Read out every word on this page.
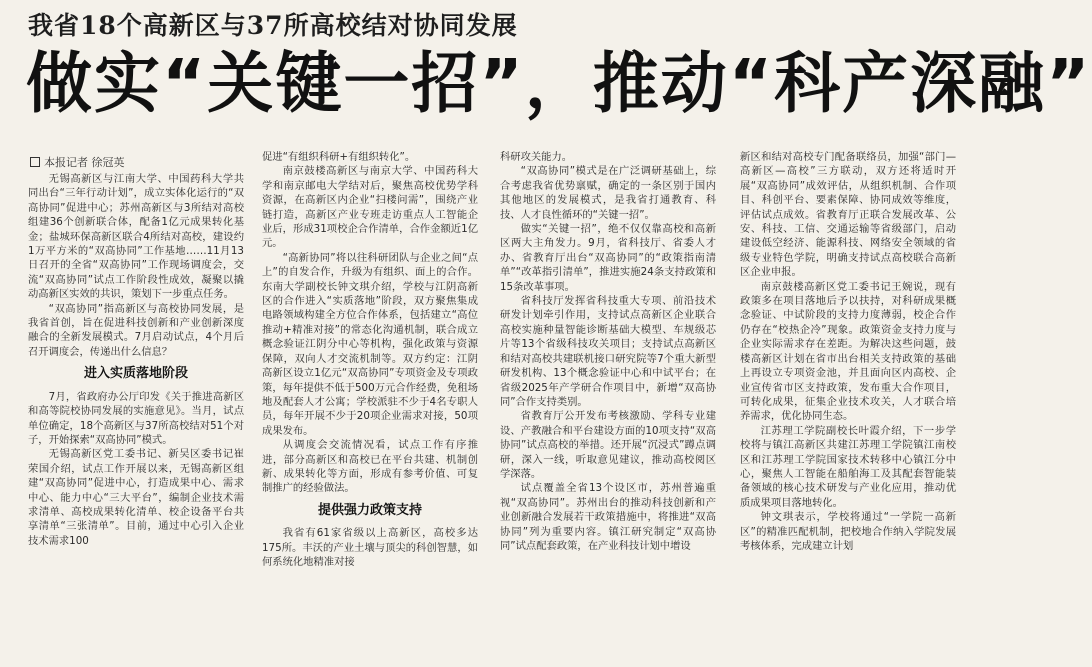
我省18个高新区与37所高校结对协同发展
做实“关键一招”，推动“科产深融”
本报记者 徐冠英

无锡高新区与江南大学、中国药科大学共同出台“三年行动计划”，成立实体化运行的“双高协同”促进中心；苏州高新区与3所结对高校组建36个创新联合体，配备1亿元成果转化基金；盐城环保高新区联合4所结对高校，建设约1万平方米的“双高协同”工作基地……11月13日召开的全省“双高协同”工作现场调度会，交流“双高协同”试点工作阶段性成效，凝聚以撬动高新区实效的共识，策划下一步重点任务。

“双高协同”指高新区与高校协同发展，是我省首创，旨在促进科技创新和产业创新深度融合的全新发展模式。7月启动试点，4个月后召开调度会，传递出什么信息？

进入实质落地阶段

7月，省政府办公厅印发《关于推进高新区和高等院校协同发展的实施意见》。当月，试点单位确定，18个高新区与37所高校结对51个对子，开始探索“双高协同”模式。

无锡高新区党工委书记、新吴区委书记崔荣国介绍，试点工作开展以来，无锡高新区组建“双高协同”促进中心，打造成果中心、需求中心、能力中心“三大平台”，编制企业技术需求清单、高校成果转化清单、校企设备平台共享清单“三张清单”。目前，通过中心引入企业技术需求100

促进“有组织科研+有组织转化”。

南京鼓楼高新区与南京大学、中国药科大学和南京邮电大学结对后，聚焦高校优势学科资源，在高新区内企业“扫楼问需”，围绕产业链打造，高新区产业专班走访重点人工智能企业后，形成31项校企合作清单，合作金额近1亿元。

“高新协同”将以往科研团队与企业之间“点上”的自发合作，升级为有组织、面上的合作。东南大学副校长钟文琪介绍，学校与江阴高新区的合作进入“实质落地”阶段，双方聚焦集成电路领域构建全方位合作体系，包括建立“高位推动+精准对接”的常态化沟通机制，联合成立概念验证江阴分中心等机构，强化政策与资源保障，双向人才交流机制等。双方约定：江阴高新区设立1亿元“双高协同”专项资金及专项政策，每年提供不低于500万元合作经费，免租场地及配套人才公寓；学校派驻不少于4名专职人员，每年开展不少于20项企业需求对接，50项成果发布。

从调度会交流情况看，试点工作有序推进，部分高新区和高校已在平台共建、机制创新、成果转化等方面，形成有参考价值、可复制推广的经验做法。

提供强力政策支持

我省有61家省级以上高新区，高校多达175所。丰沃的产业土壤与顶尖的科创智慧，如何系统化地精准对接

科研攻关能力。

“双高协同”模式是在广泛调研基础上，综合考虑我省优势禀赋，确定的一条区别于国内其他地区的发展模式，是我省打通教育、科技、人才良性循环的“关键一招”。

做实“关键一招”，绝不仅仅靠高校和高新区两大主角发力。9月，省科技厅、省委人才办、省教育厅出台“双高协同”的“政策指南清单”“改革指引清单”，推进实施24条支持政策和15条改革事项。

省科技厅发挥省科技重大专项、前沿技术研发计划牵引作用，支持试点高新区企业联合高校实施种量智能诊断基础大模型、车规级芯片等13个省级科技攻关项目；支持试点高新区和结对高校共建联机接口研究院等7个重大新型研发机构、13个概念验证中心和中试平台；在省级2025年产学研合作项目中，新增“双高协同”合作支持类别。

省教育厅公开发布考核激励、学科专业建设、产教融合和平台建设方面的10项支持“双高协同”试点高校的举措。还开展“沉浸式”蹲点调研，深入一线，听取意见建议，推动高校阅区学深落。

试点覆盖全省13个设区市，苏州普遍重视“双高协同”。苏州出台的推动科技创新和产业创新融合发展若干政策措施中，将推进“双高协同”列为重要内容。镇江研究制定“双高协同”试点配套政策，在产业科技计划中增设

新区和结对高校专门配备联络员，加强“部门—高新区—高校”三方联动，双方还将适时开展“双高协同”成效评估，从组织机制、合作项目、科创平台、要素保障、协同成效等维度，评估试点成效。省教育厅正联合发展改革、公安、科技、工信、交通运输等省级部门，启动建设低空经济、能源科技、网络安全领域的省级专业特色学院，明确支持试点高校联合高新区企业申报。

南京鼓楼高新区党工委书记王婉说，现有政策多在项目落地后予以扶持，对科研成果概念验证、中试阶段的支持力度薄弱，校企合作仍存在“校热企冷”现象。政策资金支持力度与企业实际需求存在差距。为解决这些问题，鼓楼高新区计划在省市出台相关支持政策的基础上再设立专项资金池，并且面向区内高校、企业宣传省市区支持政策，发布重大合作项目，可转化成果，征集企业技术攻关，人才联合培养需求，优化协同生态。

江苏理工学院副校长叶霞介绍，下一步学校将与镇江高新区共建江苏理工学院镇江南校区和江苏理工学院国家技术转移中心镇江分中心，聚焦人工智能在船舶海工及其配套智能装备领域的核心技术研发与产业化应用，推动优质成果项目落地转化。

钟文琪表示，学校将通过“一学院一高新区”的精准匹配机制，把校地合作纳入学院发展考核体系，完成建立计划
